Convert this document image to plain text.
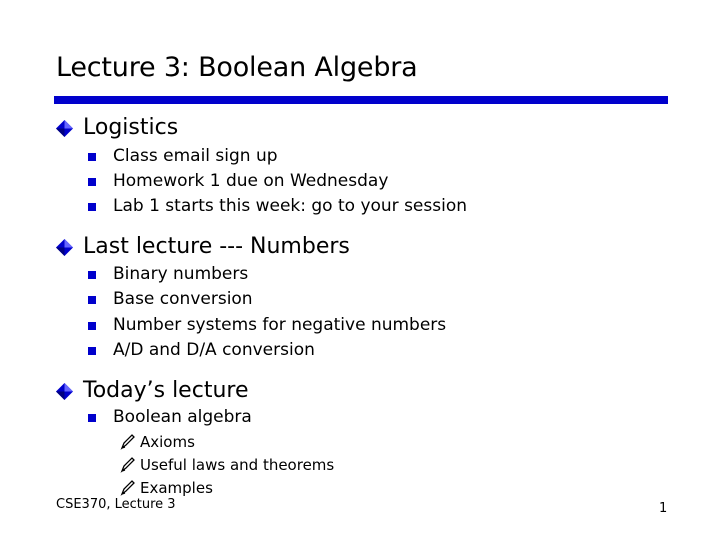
Lecture 3: Boolean Algebra
Logistics
Class email sign up
Homework 1 due on Wednesday
Lab 1 starts this week: go to your session
Last lecture --- Numbers
Binary numbers
Base conversion
Number systems for negative numbers
A/D and D/A conversion
Today’s lecture
Boolean algebra
Axioms
Useful laws and theorems
Examples
CSE370, Lecture 3	1
